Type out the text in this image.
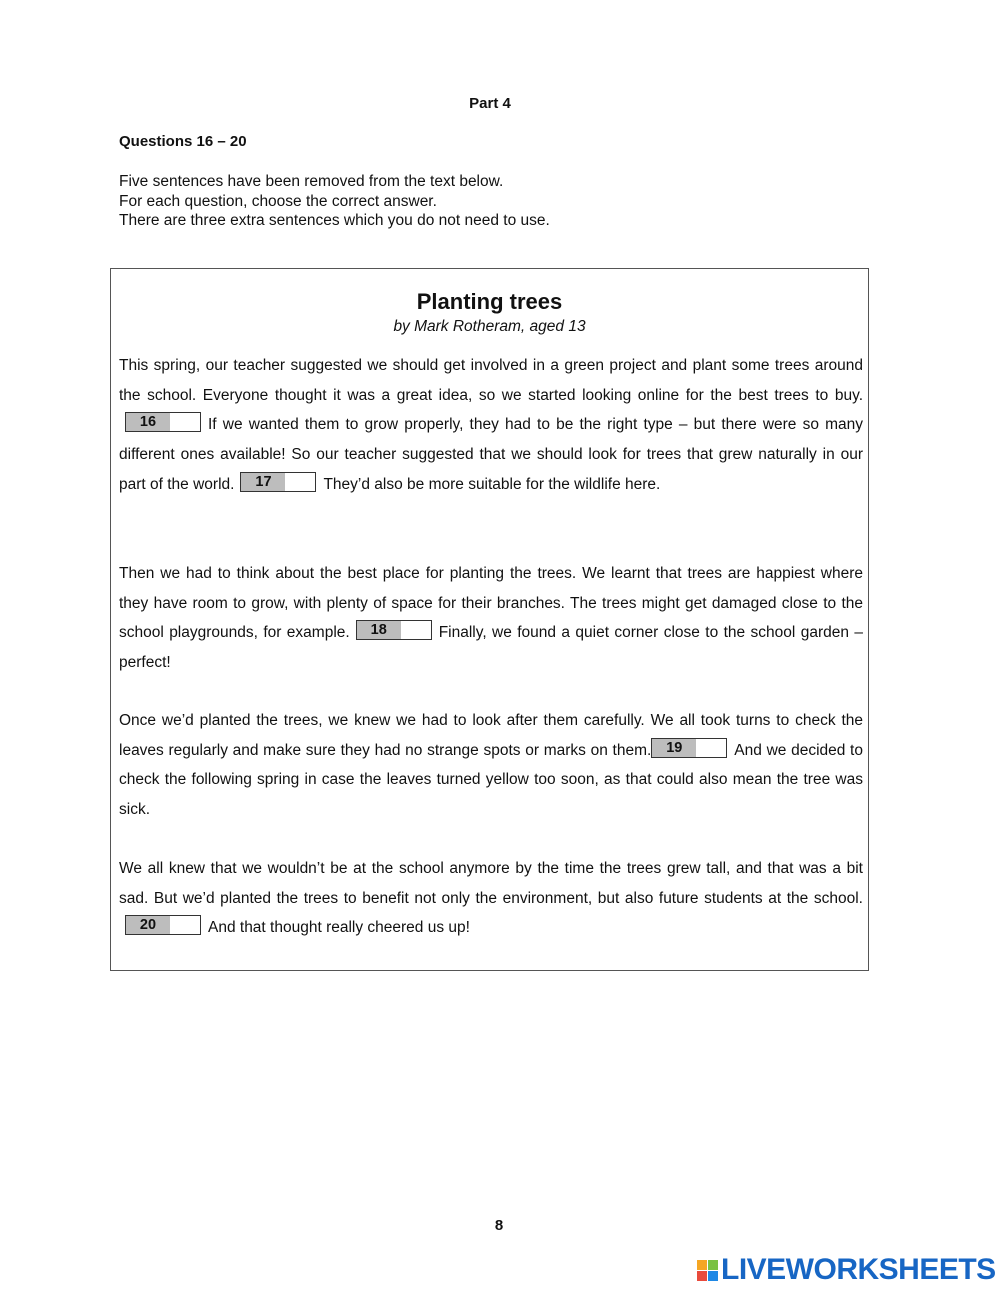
Part 4
Questions 16 – 20
Five sentences have been removed from the text below.
For each question, choose the correct answer.
There are three extra sentences which you do not need to use.
Planting trees
by Mark Rotheram, aged 13
This spring, our teacher suggested we should get involved in a green project and plant some trees around the school. Everyone thought it was a great idea, so we started looking online for the best trees to buy.
16	If we wanted them to grow properly, they had to be the right type – but there were so many different ones available! So our teacher suggested that we should look for trees that grew naturally in our part of the world.	17	They’d also be more suitable for the wildlife here.
Then we had to think about the best place for planting the trees. We learnt that trees are happiest where they have room to grow, with plenty of space for their branches. The trees might get damaged close to the school playgrounds, for example.	18	Finally, we found a quiet corner close to the school garden – perfect!
Once we’d planted the trees, we knew we had to look after them carefully. We all took turns to check the leaves regularly and make sure they had no strange spots or marks on them.	19	And we decided to check the following spring in case the leaves turned yellow too soon, as that could also mean the tree was sick.
We all knew that we wouldn’t be at the school anymore by the time the trees grew tall, and that was a bit sad. But we’d planted the trees to benefit not only the environment, but also future students at the school.
20	And that thought really cheered us up!
8
LIVEWORKSHEETS
